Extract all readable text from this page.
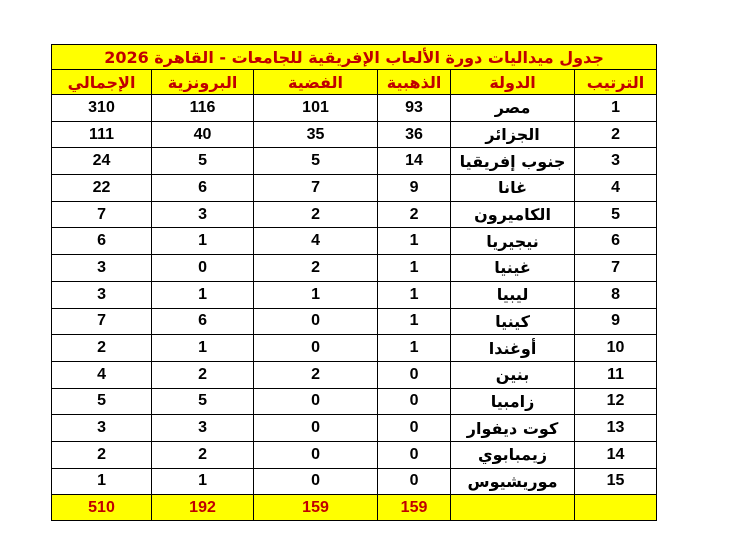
جدول ميداليات دورة الألعاب الإفريقية للجامعات - القاهرة 2026					
الترتيب	الدولة	الذهبية	الفضية	البرونزية	الإجمالي
1	مصر	93	101	116	310
2	الجزائر	36	35	40	111
3	جنوب إفريقيا	14	5	5	24
4	غانا	9	7	6	22
5	الكاميرون	2	2	3	7
6	نيجيريا	1	4	1	6
7	غينيا	1	2	0	3
8	ليبيا	1	1	1	3
9	كينيا	1	0	6	7
10	أوغندا	1	0	1	2
11	بنين	0	2	2	4
12	زامبيا	0	0	5	5
13	كوت ديفوار	0	0	3	3
14	زيمبابوي	0	0	2	2
15	موريشيوس	0	0	1	1
		159	159	192	510
